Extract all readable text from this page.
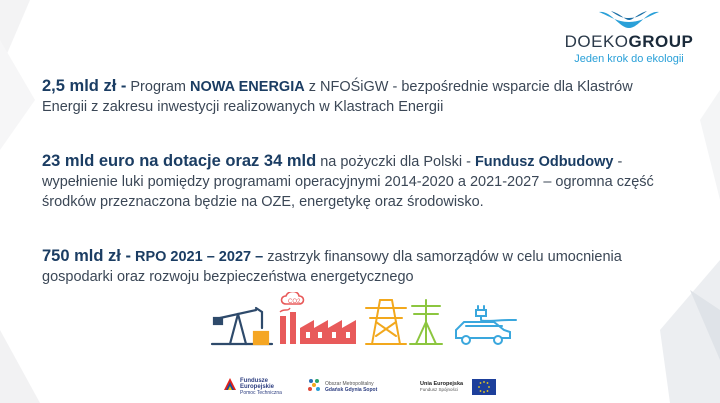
DOEKOGROUP
Jeden krok do ekologii
2,5 mld zł - Program NOWA ENERGIA z NFOŚiGW - bezpośrednie wsparcie dla Klastrów Energii z zakresu inwestycji realizowanych w Klastrach Energii
23 mld euro na dotacje oraz 34 mld na pożyczki dla Polski - Fundusz Odbudowy - wypełnienie luki pomiędzy programami operacyjnymi 2014-2020 a 2021-2027 – ogromna część środków przeznaczona będzie na OZE, energetykę oraz środowisko.
750 mld zł - RPO 2021 – 2027 – zastrzyk finansowy dla samorządów w celu umocnienia gospodarki oraz rozwoju bezpieczeństwa energetycznego
CO2
Fundusze
Europejskie
Pomoc Techniczna
Obszar Metropolitalny
Gdańsk Gdynia Sopot
Unia Europejska
Fundusz Spójności
